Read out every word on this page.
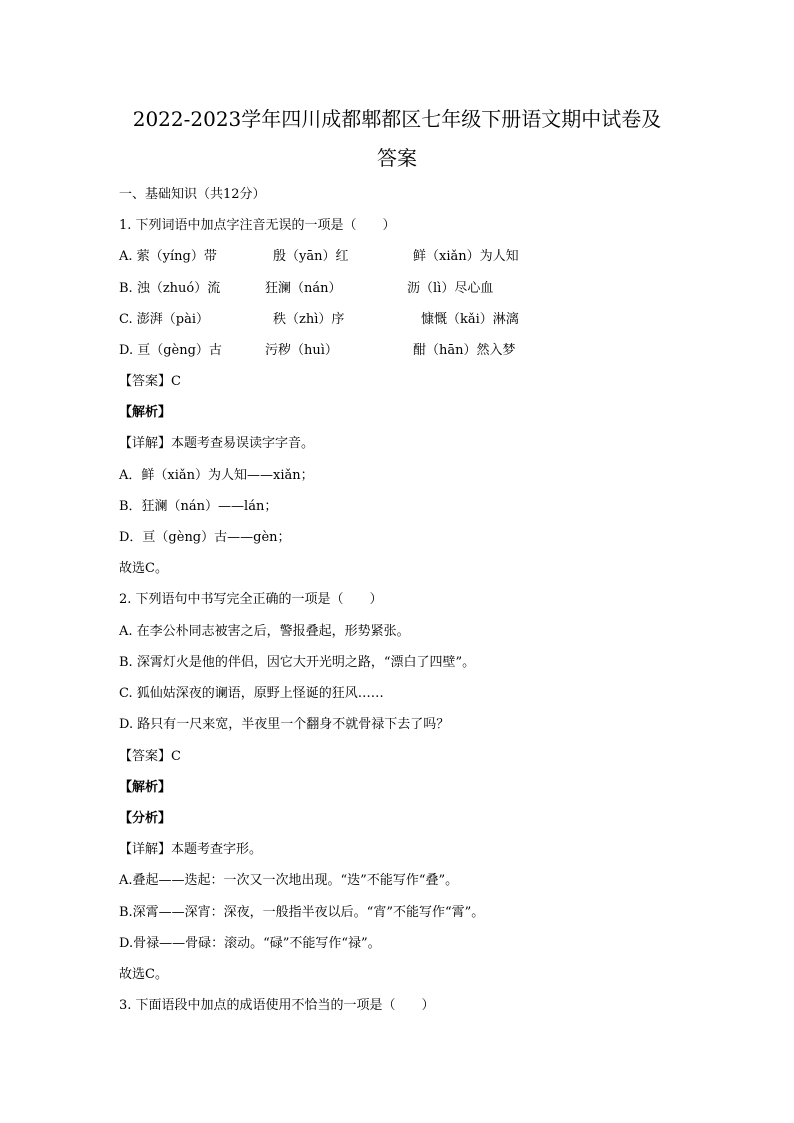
2022-2023学年四川成都郫都区七年级下册语文期中试卷及
答案
一、基础知识（共12分）
1. 下列词语中加点字注音无误的一项是（　　）
A. 萦（yíng）带	殷（yān）红	鲜（xiǎn）为人知
B. 浊（zhuó）流	狂澜（nán）	沥（lì）尽心血
C. 澎湃（pài）	秩（zhì）序	慷慨（kǎi）淋漓
D. 亘（gèng）古	污秽（huì）	酣（hān）然入梦
【答案】C
【解析】
【详解】本题考查易误读字字音。
A．鲜（xiǎn）为人知——xiǎn；
B．狂澜（nán）——lán；
D．亘（gèng）古——gèn；
故选C。
2. 下列语句中书写完全正确的一项是（　　）
A. 在李公朴同志被害之后，警报叠起，形势紧张。
B. 深霄灯火是他的伴侣，因它大开光明之路，“漂白了四壁”。
C. 狐仙姑深夜的谰语，原野上怪诞的狂风……
D. 路只有一尺来宽，半夜里一个翻身不就骨禄下去了吗？
【答案】C
【解析】
【分析】
【详解】本题考查字形。
A.叠起——迭起：一次又一次地出现。“迭”不能写作“叠”。
B.深霄——深宵：深夜，一般指半夜以后。“宵”不能写作“霄”。
D.骨禄——骨碌：滚动。“碌”不能写作“禄”。
故选C。
3. 下面语段中加点的成语使用不恰当的一项是（　　）
